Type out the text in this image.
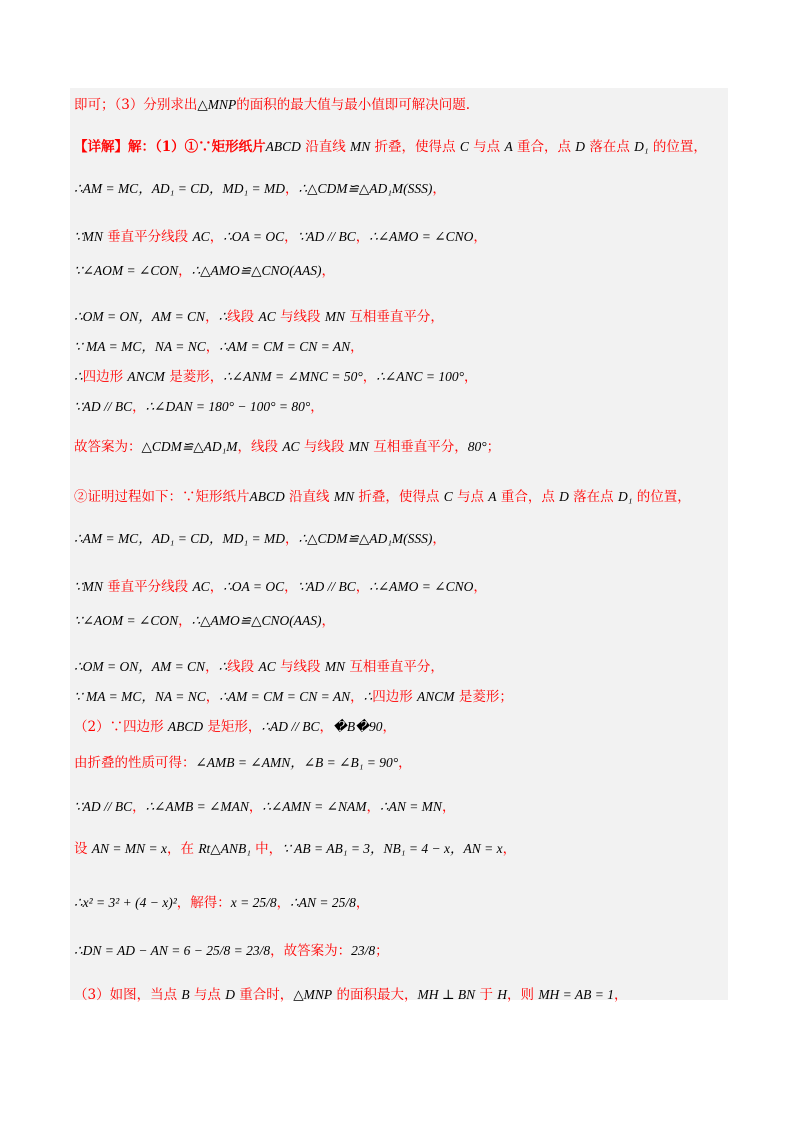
即可；（3）分别求出△MNP的面积的最大值与最小值即可解决问题.
【详解】解：（1）①∵矩形纸片ABCD 沿直线 MN 折叠，使得点 C 与点 A 重合，点 D 落在点 D₁ 的位置，
∴AM = MC，AD₁ = CD，MD₁ = MD，∴△CDM≌△AD₁M(SSS)，
∵MN 垂直平分线段 AC，∴OA = OC，∵AD // BC，∴∠AMO = ∠CNO，
∵∠AOM = ∠CON，∴△AMO≌△CNO(AAS)，
∴OM = ON，AM = CN，∴线段 AC 与线段 MN 互相垂直平分，
∵ MA = MC，NA = NC，∴AM = CM = CN = AN，
∴四边形 ANCM 是菱形，∴∠ANM = ∠MNC = 50°，∴∠ANC = 100°，
∵AD // BC，∴∠DAN = 180° − 100° = 80°，
故答案为：△CDM≌△AD₁M，线段 AC 与线段 MN 互相垂直平分，80°；
②证明过程如下：∵矩形纸片ABCD 沿直线 MN 折叠，使得点 C 与点 A 重合，点 D 落在点 D₁ 的位置，
∴AM = MC，AD₁ = CD，MD₁ = MD，∴△CDM≌△AD₁M(SSS)，
∵MN 垂直平分线段 AC，∴OA = OC，∵AD // BC，∴∠AMO = ∠CNO，
∵∠AOM = ∠CON，∴△AMO≌△CNO(AAS)，
∴OM = ON，AM = CN，∴线段 AC 与线段 MN 互相垂直平分，
∵ MA = MC，NA = NC，∴AM = CM = CN = AN，∴四边形 ANCM 是菱形；
（2）∵四边形 ABCD 是矩形，∴AD // BC，�B�90，
由折叠的性质可得：∠AMB = ∠AMN，∠B = ∠B₁ = 90°，
∵AD // BC，∴∠AMB = ∠MAN，∴∠AMN = ∠NAM，∴AN = MN，
设 AN = MN = x，在 Rt△ANB₁ 中，∵ AB = AB₁ = 3，NB₁ = 4 − x，AN = x，
∴x² = 3² + (4 − x)²，解得：x = 25/8，∴AN = 25/8，
∴DN = AD − AN = 6 − 25/8 = 23/8，故答案为：23/8；
（3）如图，当点 B 与点 D 重合时，△MNP 的面积最大，MH ⊥ BN 于 H，则 MH = AB = 1，
